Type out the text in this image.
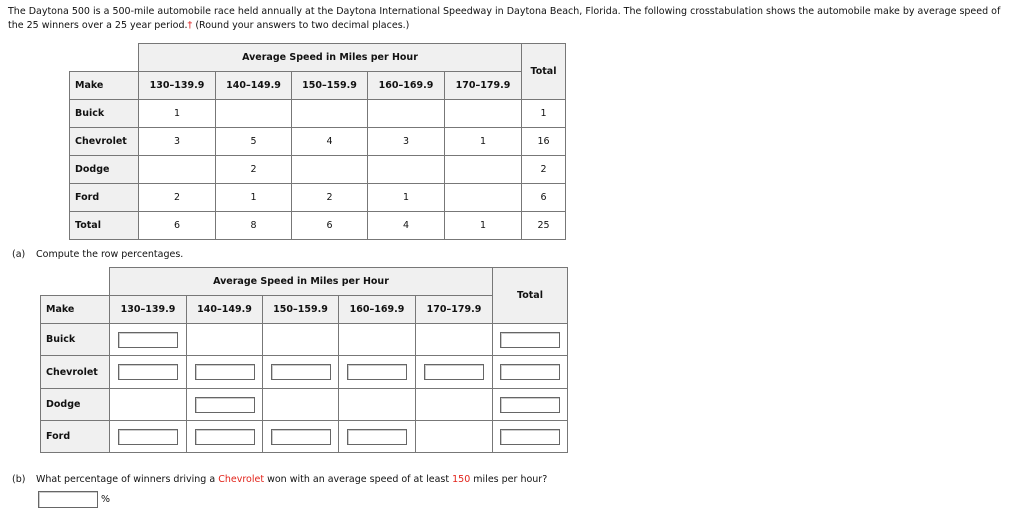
The Daytona 500 is a 500-mile automobile race held annually at the Daytona International Speedway in Daytona Beach, Florida. The following crosstabulation shows the automobile make by average speed of the 25 winners over a 25 year period.† (Round your answers to two decimal places.)
	Average Speed in Miles per Hour					Total
Make	130–139.9	140–149.9	150–159.9	160–169.9	170–179.9	
Buick	1					1
Chevrolet	3	5	4	3	1	16
Dodge		2				2
Ford	2	1	2	1		6
Total	6	8	6	4	1	25
(a) Compute the row percentages.
	Average Speed in Miles per Hour					Total
Make	130–139.9	140–149.9	150–159.9	160–169.9	170–179.9	
Buick						
Chevrolet						
Dodge						
Ford						
(b) What percentage of winners driving a Chevrolet won with an average speed of at least 150 miles per hour?
%
